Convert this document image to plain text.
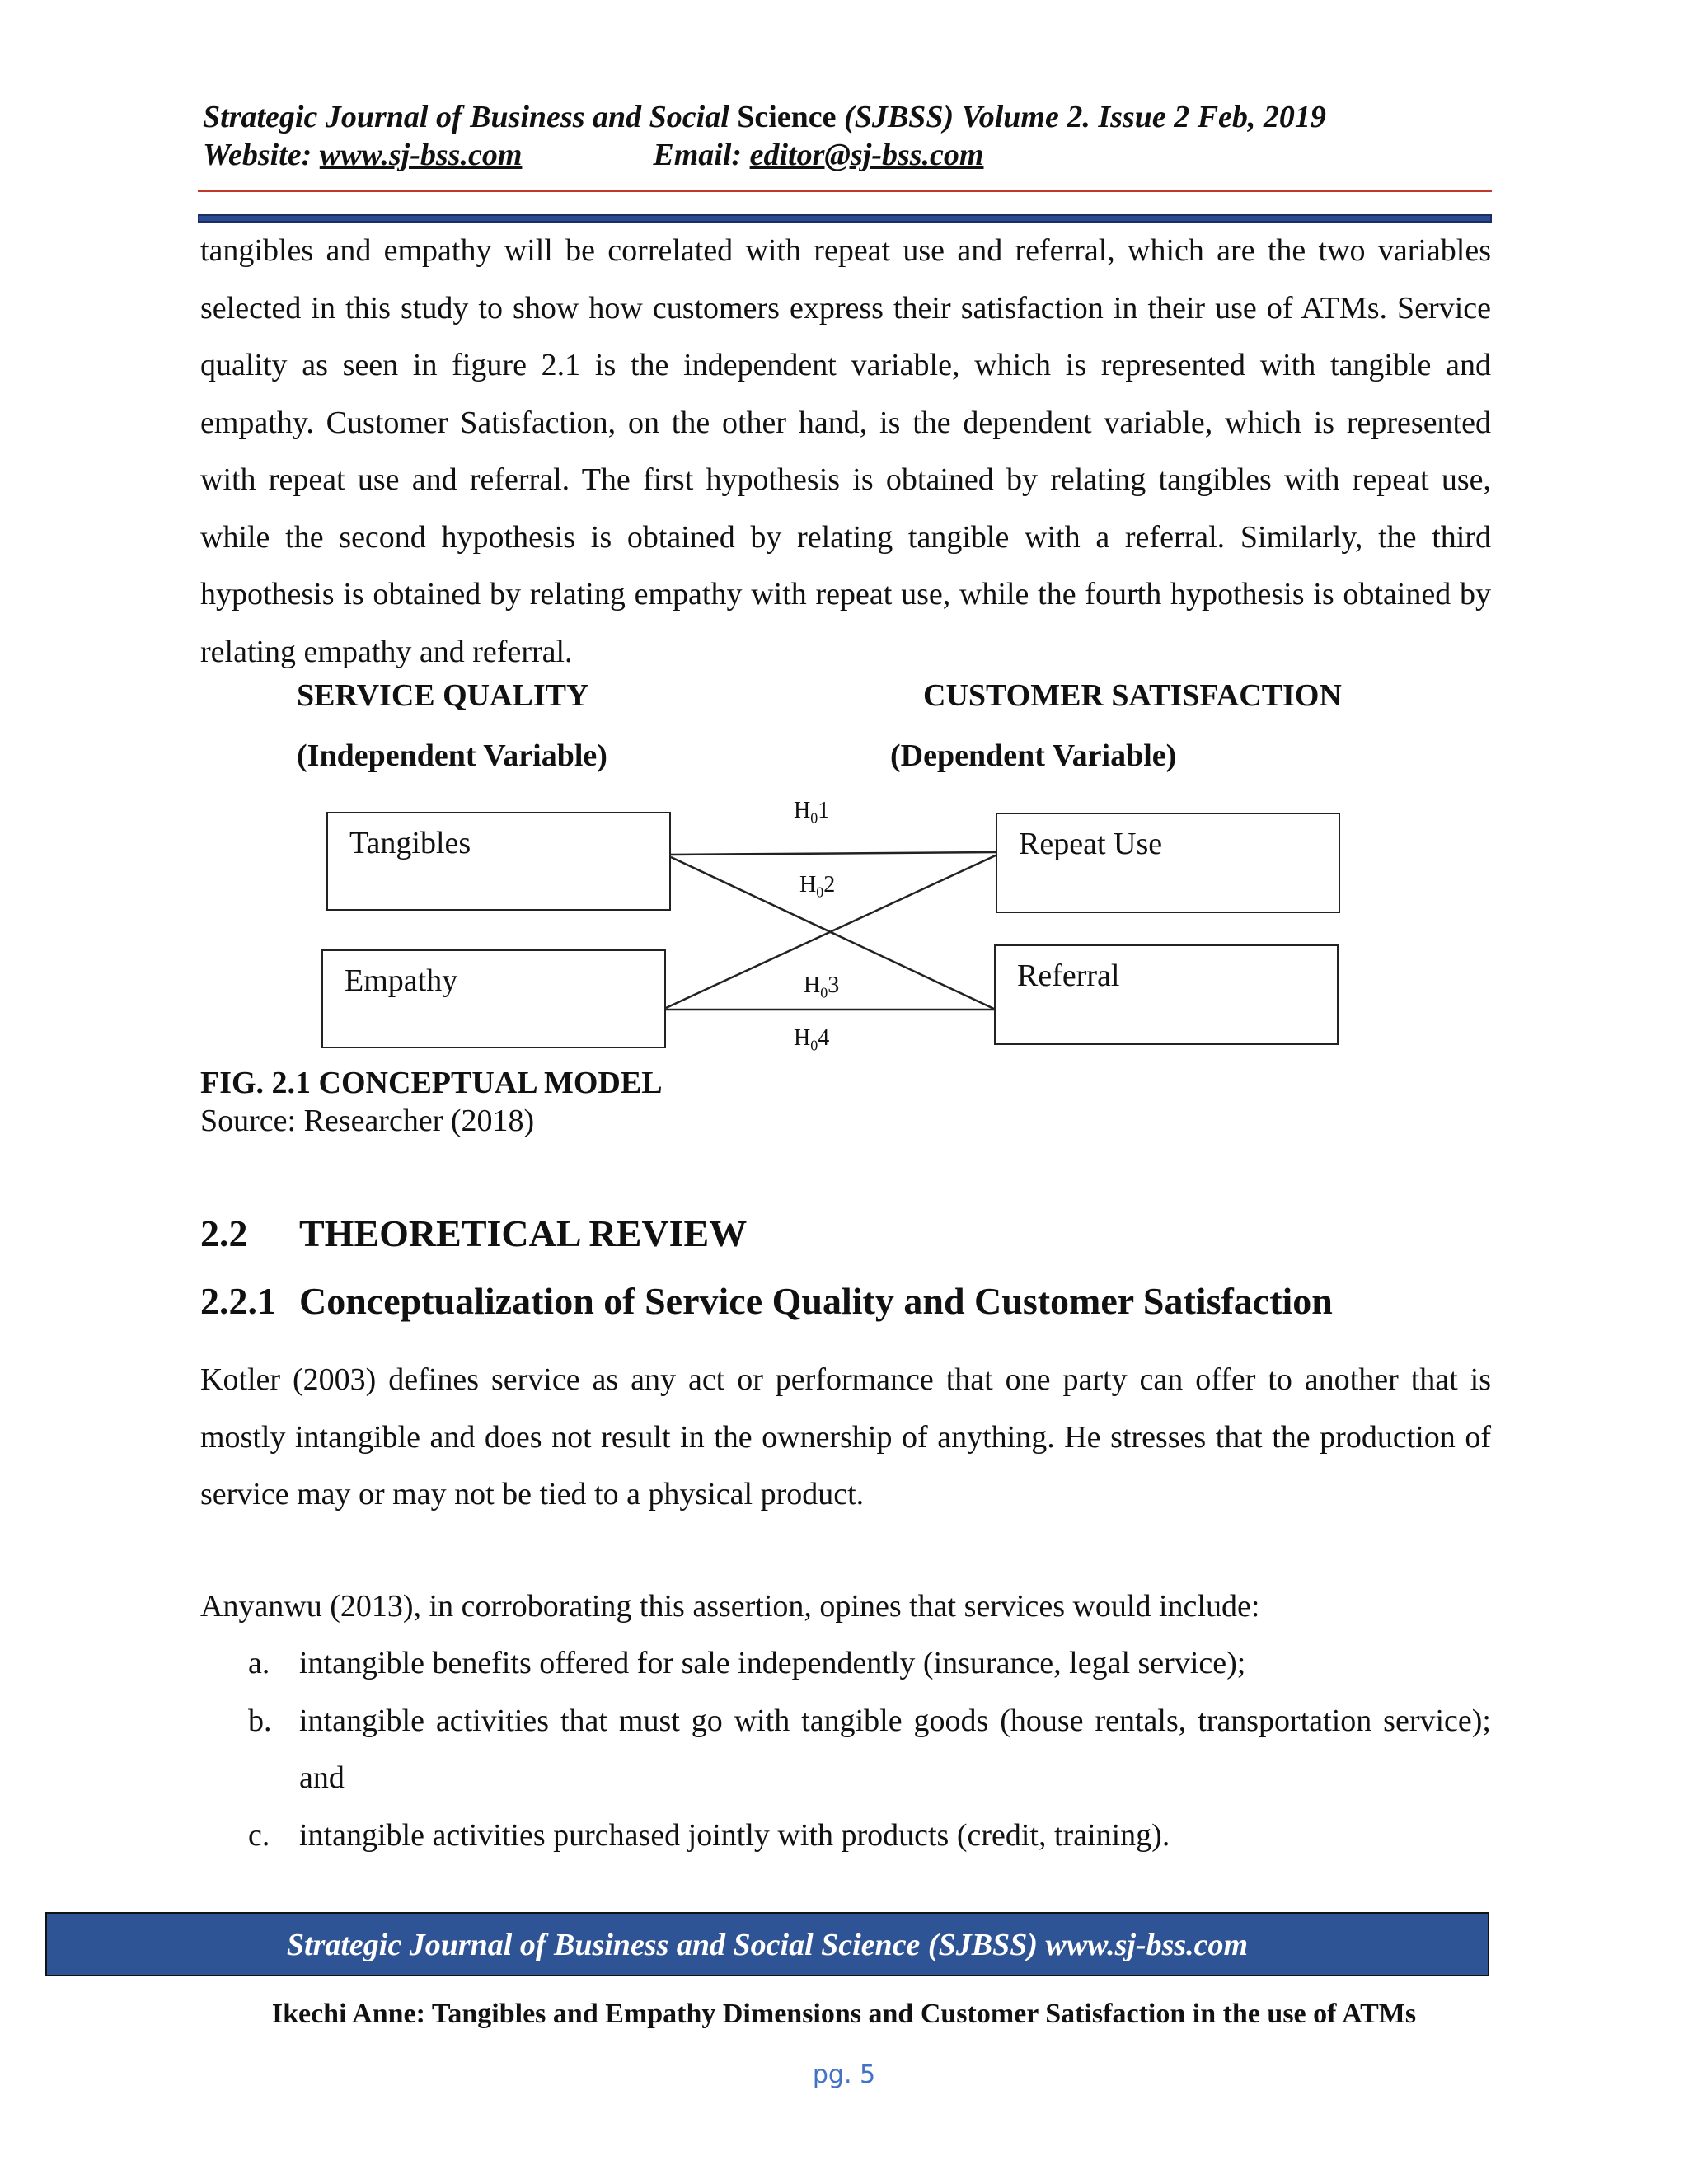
Strategic Journal of Business and Social Science (SJBSS) Volume 2. Issue 2 Feb, 2019
Website: www.sj-bss.com	Email: editor@sj-bss.com

tangibles and empathy will be correlated with repeat use and referral, which are the two variables selected in this study to show how customers express their satisfaction in their use of ATMs. Service quality as seen in figure 2.1 is the independent variable, which is represented with tangible and empathy. Customer Satisfaction, on the other hand, is the dependent variable, which is represented with repeat use and referral. The first hypothesis is obtained by relating tangibles with repeat use, while the second hypothesis is obtained by relating tangible with a referral. Similarly, the third hypothesis is obtained by relating empathy with repeat use, while the fourth hypothesis is obtained by relating empathy and referral.

SERVICE QUALITY
(Independent Variable)
CUSTOMER SATISFACTION
(Dependent Variable)
Tangibles
Empathy
Repeat Use
Referral
$H_01$
$H_02$
$H_03$
$H_04$
FIG. 2.1 CONCEPTUAL MODEL
Source: Researcher (2018)
2.2 THEORETICAL REVIEW
2.2.1 Conceptualization of Service Quality and Customer Satisfaction

Kotler (2003) defines service as any act or performance that one party can offer to another that is mostly intangible and does not result in the ownership of anything. He stresses that the production of service may or may not be tied to a physical product.

Anyanwu (2013), in corroborating this assertion, opines that services would include:

a. intangible benefits offered for sale independently (insurance, legal service);
b. intangible activities that must go with tangible goods (house rentals, transportation service); and
c. intangible activities purchased jointly with products (credit, training).
Strategic Journal of Business and Social Science (SJBSS) www.sj-bss.com
Ikechi Anne: Tangibles and Empathy Dimensions and Customer Satisfaction in the use of ATMs
pg. 5
